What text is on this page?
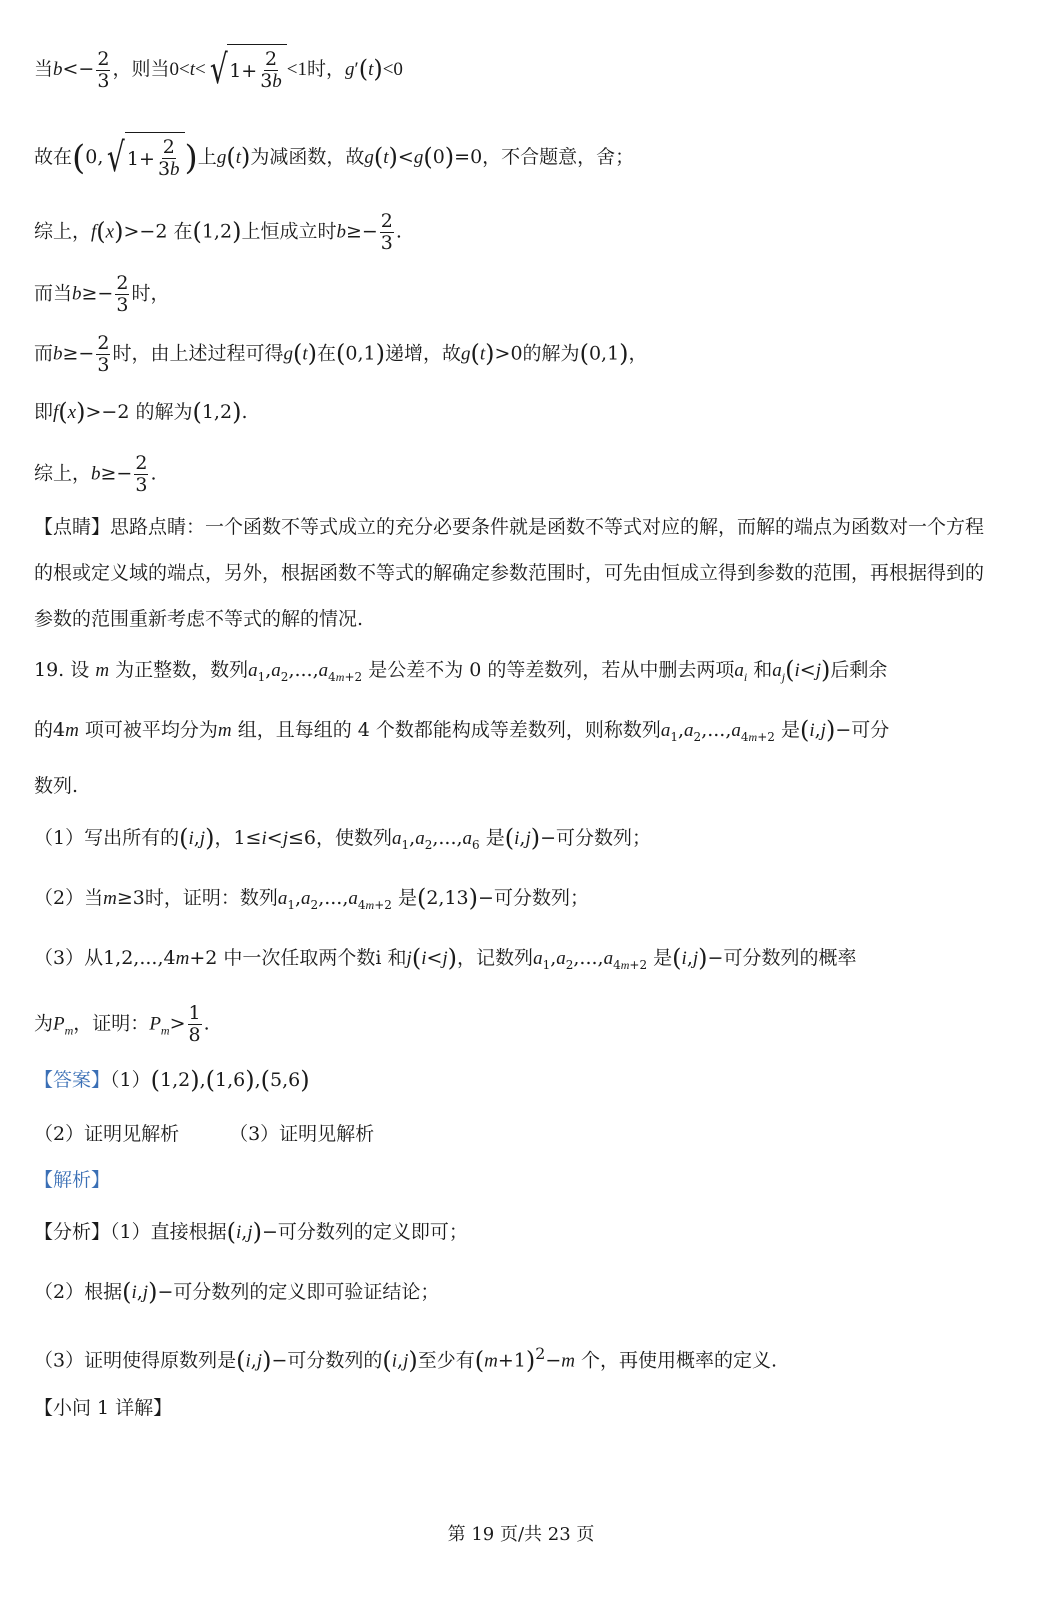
当$b<- \frac{2}{3}$ ，则当0<t< √ $1+ \frac{2}{3b} <1$时，g′(t)<0
故在(0, √ $1+ \frac{2}{3b}$ )上g(t)为减函数，故g(t)<g(0)=0，不合题意，舍；
综上，f(x)>−2 在(1,2)上恒成立时$b\ge- \frac{2}{3}$ .
而当$b\ge- \frac{2}{3}$ 时，
而$b\ge- \frac{2}{3}$ 时，由上述过程可得g(t)在(0,1)递增，故g(t)>0的解为(0,1)，
即f(x)>−2 的解为(1,2).
综上，$b\ge- \frac{2}{3}$ .
【点睛】思路点睛：一个函数不等式成立的充分必要条件就是函数不等式对应的解，而解的端点为函数对一个方程的根或定义域的端点，另外，根据函数不等式的解确定参数范围时，可先由恒成立得到参数的范围，再根据得到的参数的范围重新考虑不等式的解的情况.
19. 设 m 为正整数，数列$a_1,a_2,...,a_{4m+2}$ 是公差不为 0 的等差数列，若从中删去两项$a_i$ 和$a_j(i<j)$后剩余
的4m 项可被平均分为m 组，且每组的 4 个数都能构成等差数列，则称数列$a_1,a_2,...,a_{4m+2}$ 是(i,j)−可分
数列.
（1）写出所有的(i,j)，1≤i<j≤6，使数列$a_1,a_2,...,a_6$ 是(i,j)−可分数列；
（2）当m≥3时，证明：数列$a_1,a_2,...,a_{4m+2}$ 是(2,13)−可分数列；
（3）从1,2,...,4m+2 中一次任取两个数i 和j(i<j)，记数列$a_1,a_2,...,a_{4m+2}$ 是(i,j)−可分数列的概率
为$P_m$，证明：$P_m> \frac{1}{8}$ .
【答案】（1）(1,2),(1,6),(5,6)
（2）证明见解析	（3）证明见解析
【解析】
【分析】（1）直接根据(i,j)−可分数列的定义即可；
（2）根据(i,j)−可分数列的定义即可验证结论；
（3）证明使得原数列是(i,j)−可分数列的(i,j)至少有$(m+1)^2-m$ 个，再使用概率的定义.
【小问 1 详解】
第 19 页/共 23 页
